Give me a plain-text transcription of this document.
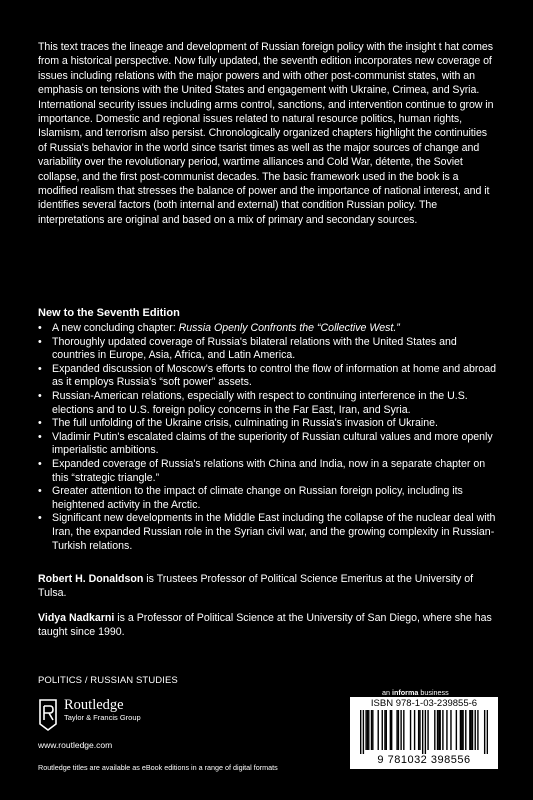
This text traces the lineage and development of Russian foreign policy with the insight t hat comes from a historical perspective. Now fully updated, the seventh edition incorporates new coverage of issues including relations with the major powers and with other post-communist states, with an emphasis on tensions with the United States and engagement with Ukraine, Crimea, and Syria. International security issues including arms control, sanctions, and intervention continue to grow in importance. Domestic and regional issues related to natural resource politics, human rights, Islamism, and terrorism also persist. Chronologically organized chapters highlight the continuities of Russia's behavior in the world since tsarist times as well as the major sources of change and variability over the revolutionary period, wartime alliances and Cold War, détente, the Soviet collapse, and the first post-communist decades. The basic framework used in the book is a modified realism that stresses the balance of power and the importance of national interest, and it identifies several factors (both internal and external) that condition Russian policy. The interpretations are original and based on a mix of primary and secondary sources.
New to the Seventh Edition
• A new concluding chapter: Russia Openly Confronts the “Collective West.”
• Thoroughly updated coverage of Russia's bilateral relations with the United States and countries in Europe, Asia, Africa, and Latin America.
• Expanded discussion of Moscow's efforts to control the flow of information at home and abroad as it employs Russia's “soft power” assets.
• Russian-American relations, especially with respect to continuing interference in the U.S. elections and to U.S. foreign policy concerns in the Far East, Iran, and Syria.
• The full unfolding of the Ukraine crisis, culminating in Russia's invasion of Ukraine.
• Vladimir Putin's escalated claims of the superiority of Russian cultural values and more openly imperialistic ambitions.
• Expanded coverage of Russia's relations with China and India, now in a separate chapter on this “strategic triangle.”
• Greater attention to the impact of climate change on Russian foreign policy, including its heightened activity in the Arctic.
• Significant new developments in the Middle East including the collapse of the nuclear deal with Iran, the expanded Russian role in the Syrian civil war, and the growing complexity in Russian-Turkish relations.
Robert H. Donaldson is Trustees Professor of Political Science Emeritus at the University of Tulsa.
Vidya Nadkarni is a Professor of Political Science at the University of San Diego, where she has taught since 1990.
POLITICS / RUSSIAN STUDIES
Routledge
Taylor & Francis Group
www.routledge.com
Routledge titles are available as eBook editions in a range of digital formats
an informa business
ISBN 978-1-03-239855-6
9 781032 398556
